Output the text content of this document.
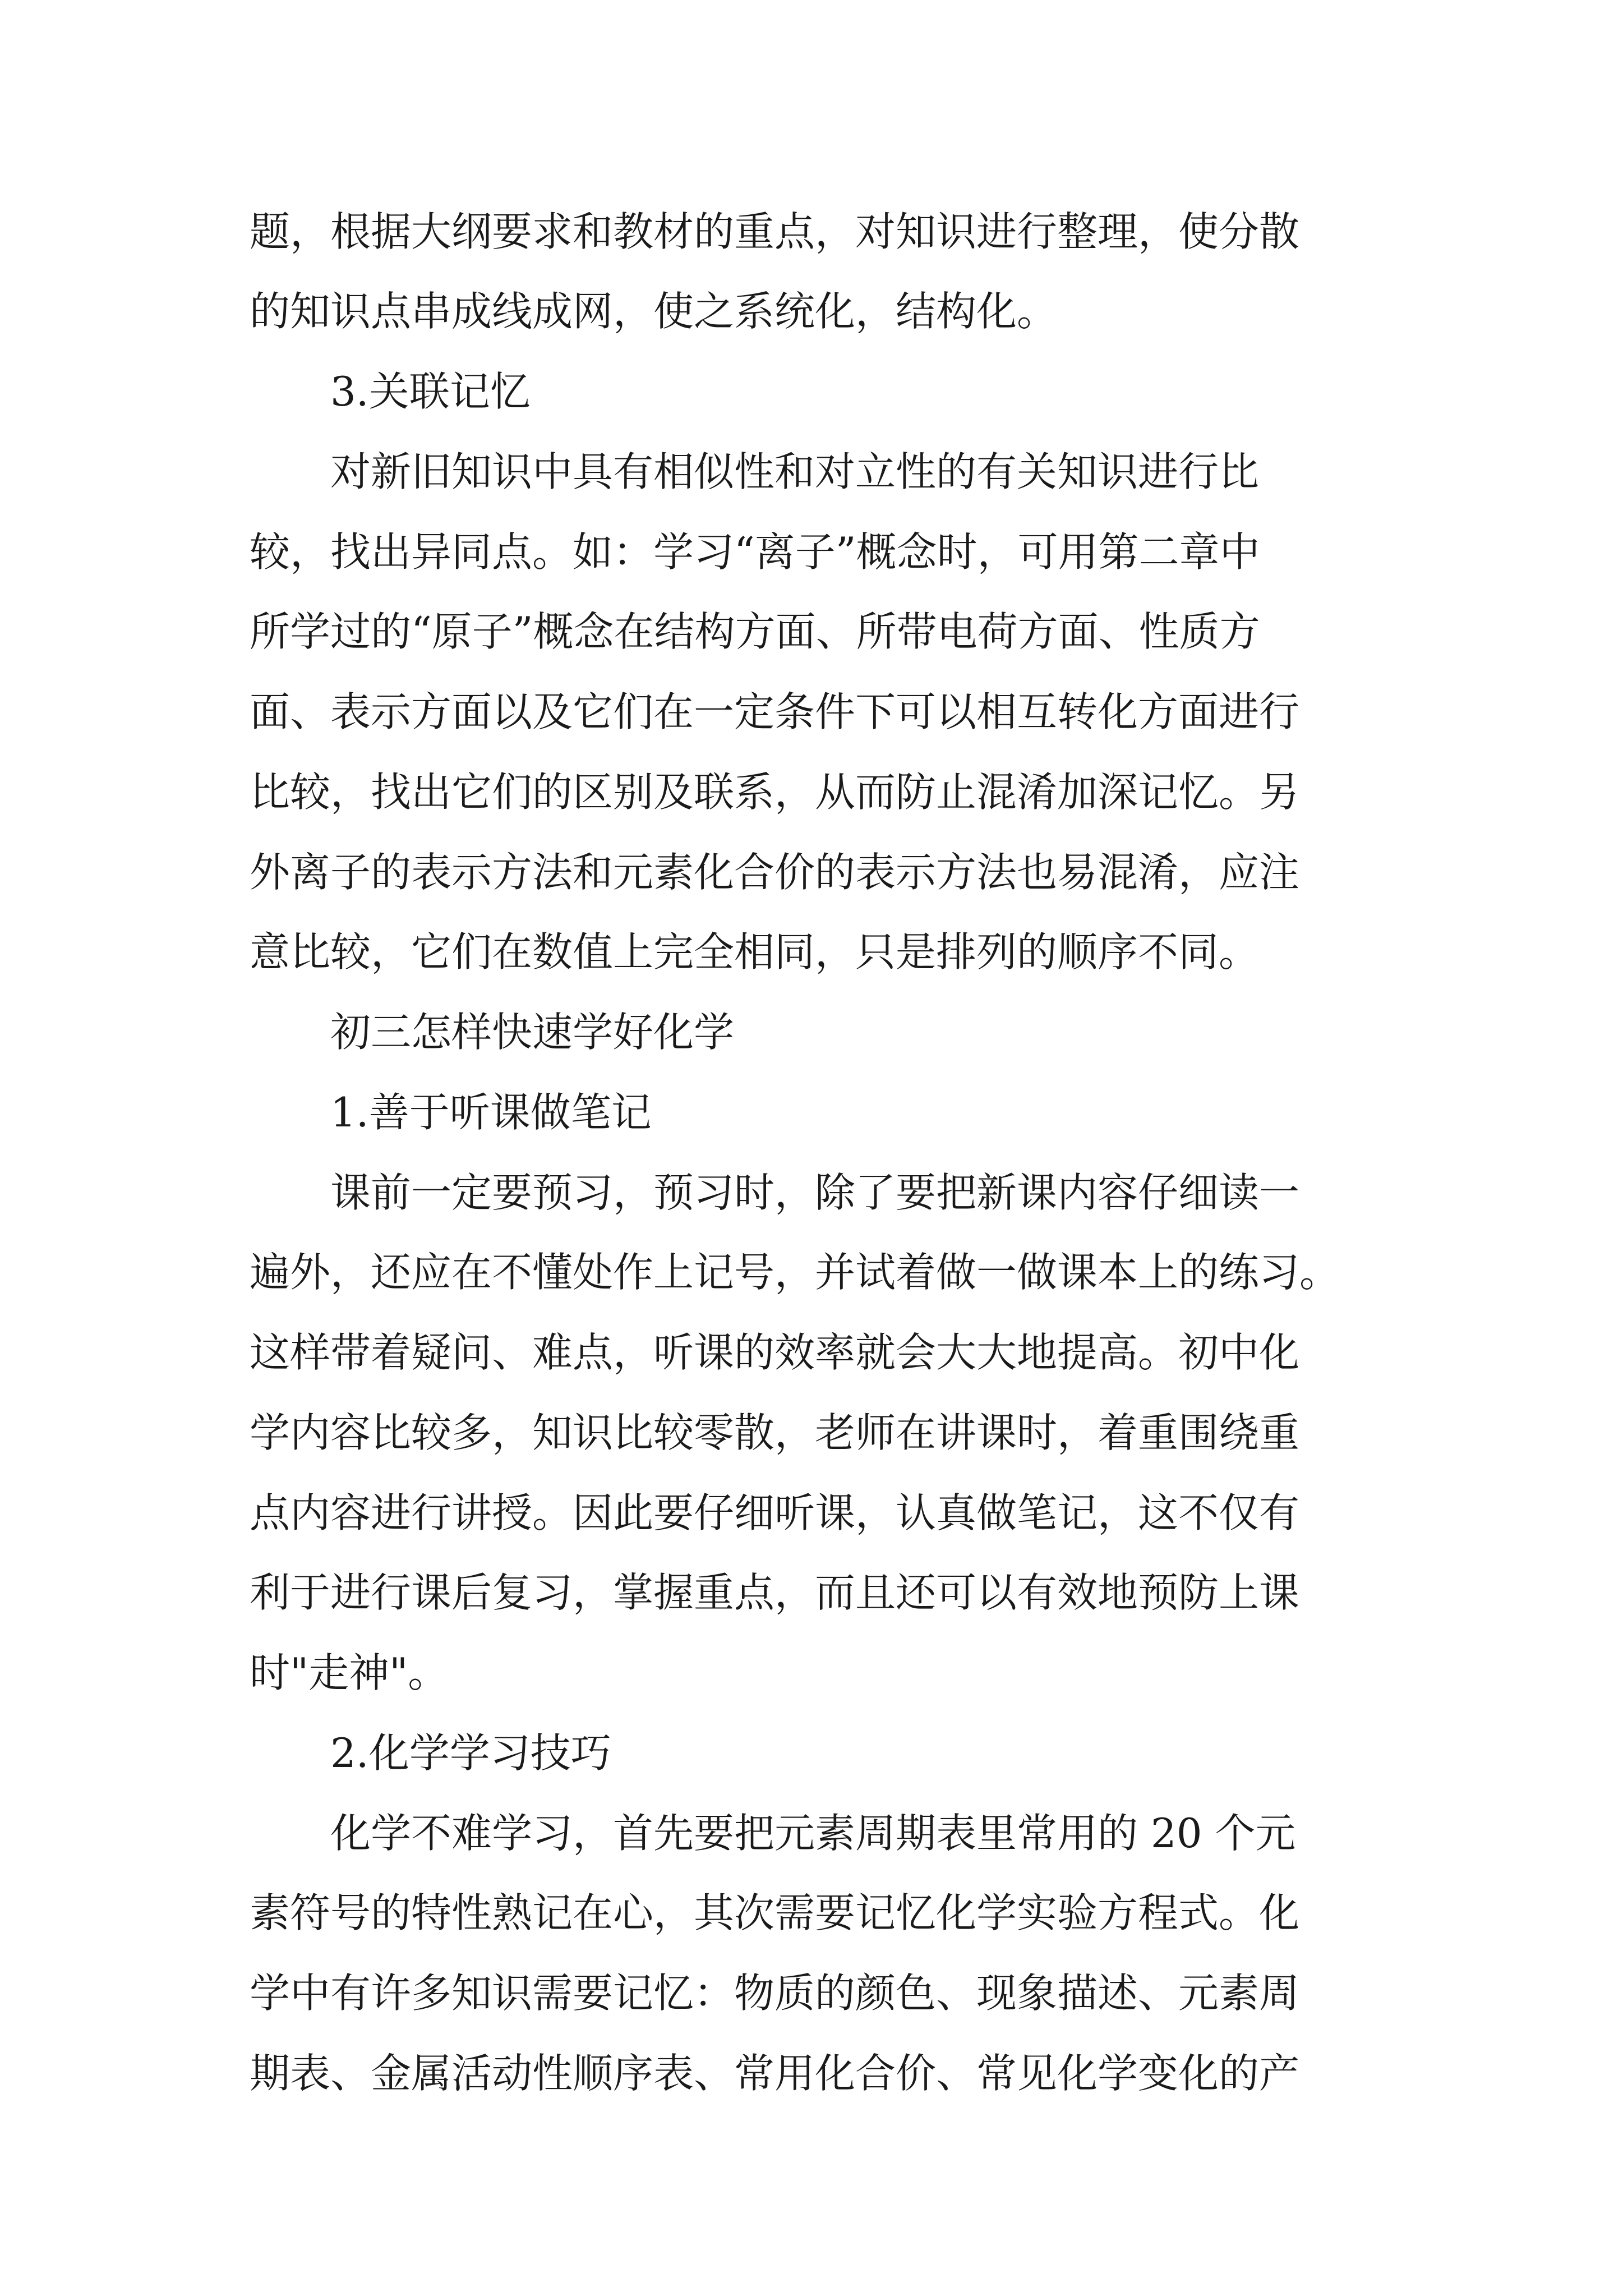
题，根据大纲要求和教材的重点，对知识进行整理，使分散

的知识点串成线成网，使之系统化，结构化。

3.关联记忆

对新旧知识中具有相似性和对立性的有关知识进行比

较，找出异同点。如：学习“离子”概念时，可用第二章中

所学过的“原子”概念在结构方面、所带电荷方面、性质方

面、表示方面以及它们在一定条件下可以相互转化方面进行

比较，找出它们的区别及联系，从而防止混淆加深记忆。另

外离子的表示方法和元素化合价的表示方法也易混淆，应注

意比较，它们在数值上完全相同，只是排列的顺序不同。

初三怎样快速学好化学

1.善于听课做笔记

课前一定要预习，预习时，除了要把新课内容仔细读一

遍外，还应在不懂处作上记号，并试着做一做课本上的练习。

这样带着疑问、难点，听课的效率就会大大地提高。初中化

学内容比较多，知识比较零散，老师在讲课时，着重围绕重

点内容进行讲授。因此要仔细听课，认真做笔记，这不仅有

利于进行课后复习，掌握重点，而且还可以有效地预防上课

时"走神"。

2.化学学习技巧

化学不难学习，首先要把元素周期表里常用的 20 个元

素符号的特性熟记在心，其次需要记忆化学实验方程式。化

学中有许多知识需要记忆：物质的颜色、现象描述、元素周

期表、金属活动性顺序表、常用化合价、常见化学变化的产
